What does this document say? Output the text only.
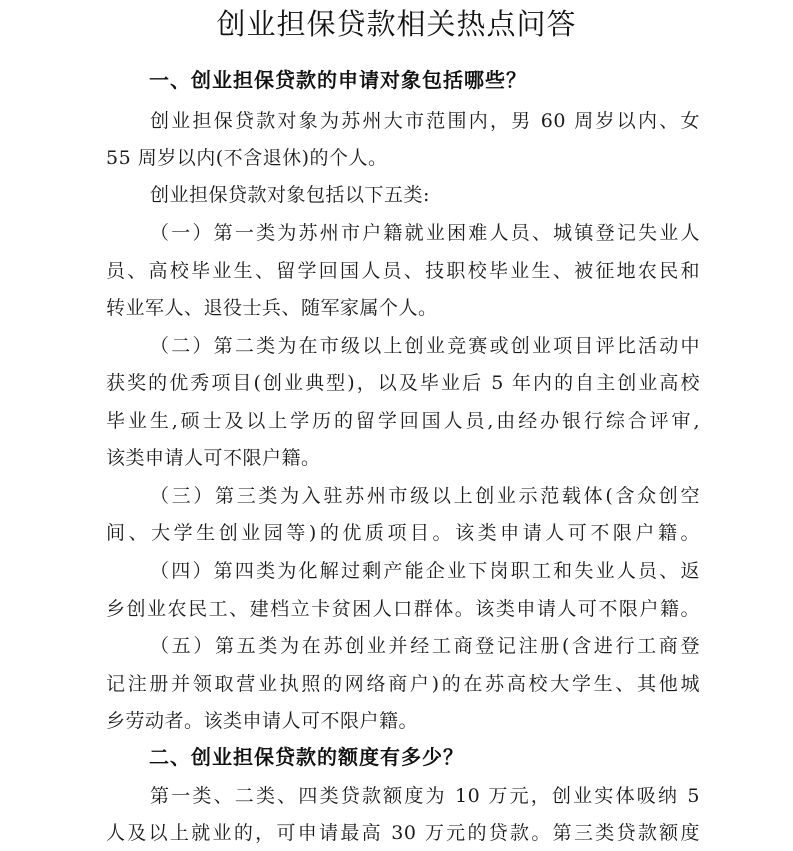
创业担保贷款相关热点问答
一、创业担保贷款的申请对象包括哪些？
创业担保贷款对象为苏州大市范围内，男 60 周岁以内、女
55 周岁以内(不含退休)的个人。
创业担保贷款对象包括以下五类:
（一）第一类为苏州市户籍就业困难人员、城镇登记失业人
员、高校毕业生、留学回国人员、技职校毕业生、被征地农民和
转业军人、退役士兵、随军家属个人。
（二）第二类为在市级以上创业竞赛或创业项目评比活动中
获奖的优秀项目(创业典型)，以及毕业后 5 年内的自主创业高校
毕业生,硕士及以上学历的留学回国人员,由经办银行综合评审,
该类申请人可不限户籍。
（三）第三类为入驻苏州市级以上创业示范载体(含众创空
间、大学生创业园等)的优质项目。该类申请人可不限户籍。
（四）第四类为化解过剩产能企业下岗职工和失业人员、返
乡创业农民工、建档立卡贫困人口群体。该类申请人可不限户籍。
（五）第五类为在苏创业并经工商登记注册(含进行工商登
记注册并领取营业执照的网络商户)的在苏高校大学生、其他城
乡劳动者。该类申请人可不限户籍。
二、创业担保贷款的额度有多少？
第一类、二类、四类贷款额度为 10 万元，创业实体吸纳 5
人及以上就业的，可申请最高 30 万元的贷款。第三类贷款额度
